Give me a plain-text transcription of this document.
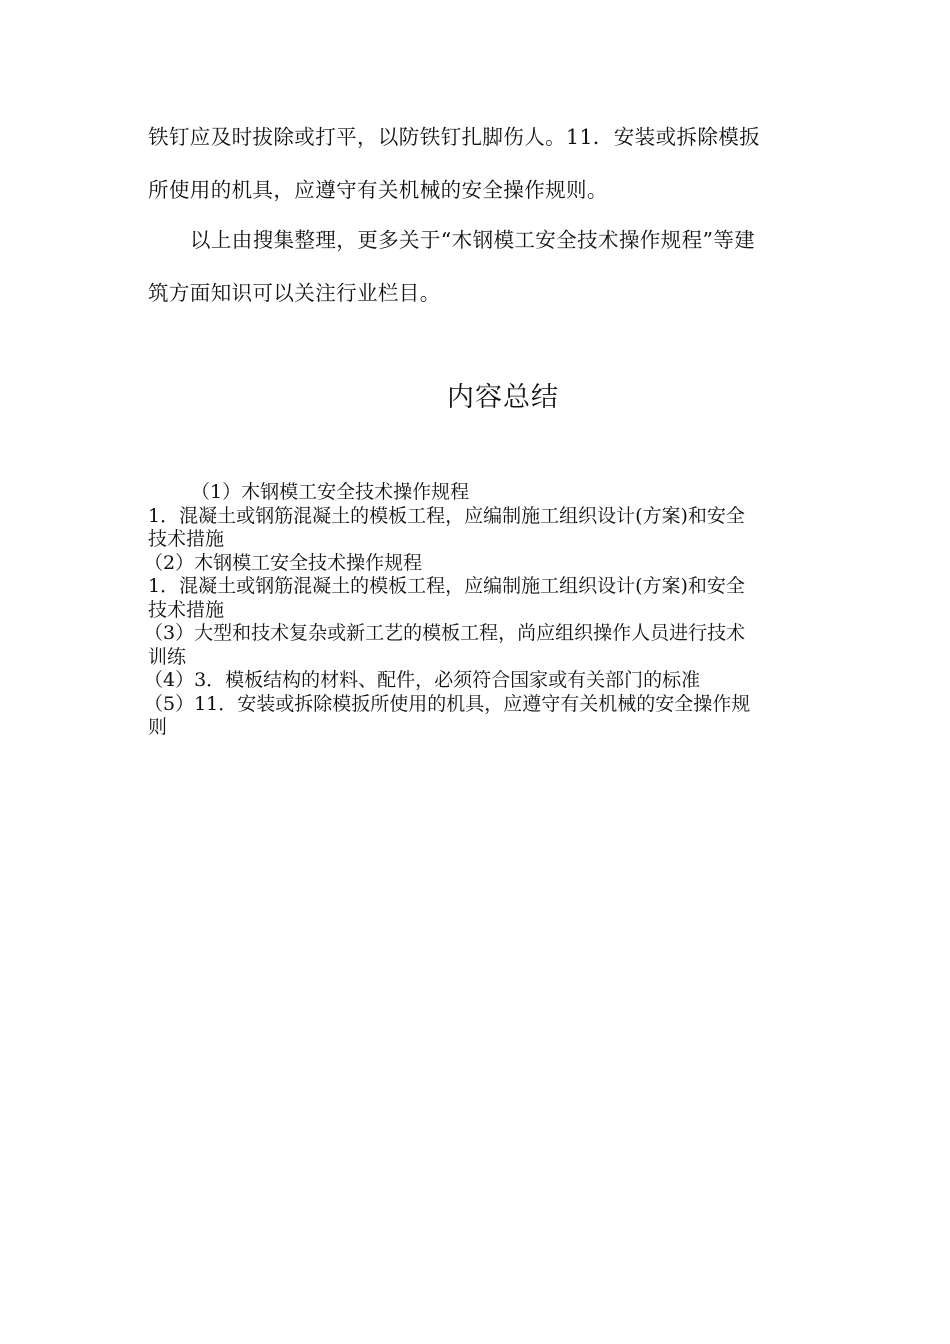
铁钉应及时拔除或打平，以防铁钉扎脚伤人。11．安装或拆除模扳
所使用的机具，应遵守有关机械的安全操作规则。
以上由搜集整理，更多关于“木钢模工安全技术操作规程”等建
筑方面知识可以关注行业栏目。
内容总结
（1）木钢模工安全技术操作规程
1．混凝土或钢筋混凝土的模板工程，应编制施工组织设计(方案)和安全
技术措施
（2）木钢模工安全技术操作规程
1．混凝土或钢筋混凝土的模板工程，应编制施工组织设计(方案)和安全
技术措施
（3）大型和技术复杂或新工艺的模板工程，尚应组织操作人员进行技术
训练
（4）3．模板结构的材料、配件，必须符合国家或有关部门的标准
（5）11．安装或拆除模扳所使用的机具，应遵守有关机械的安全操作规
则
